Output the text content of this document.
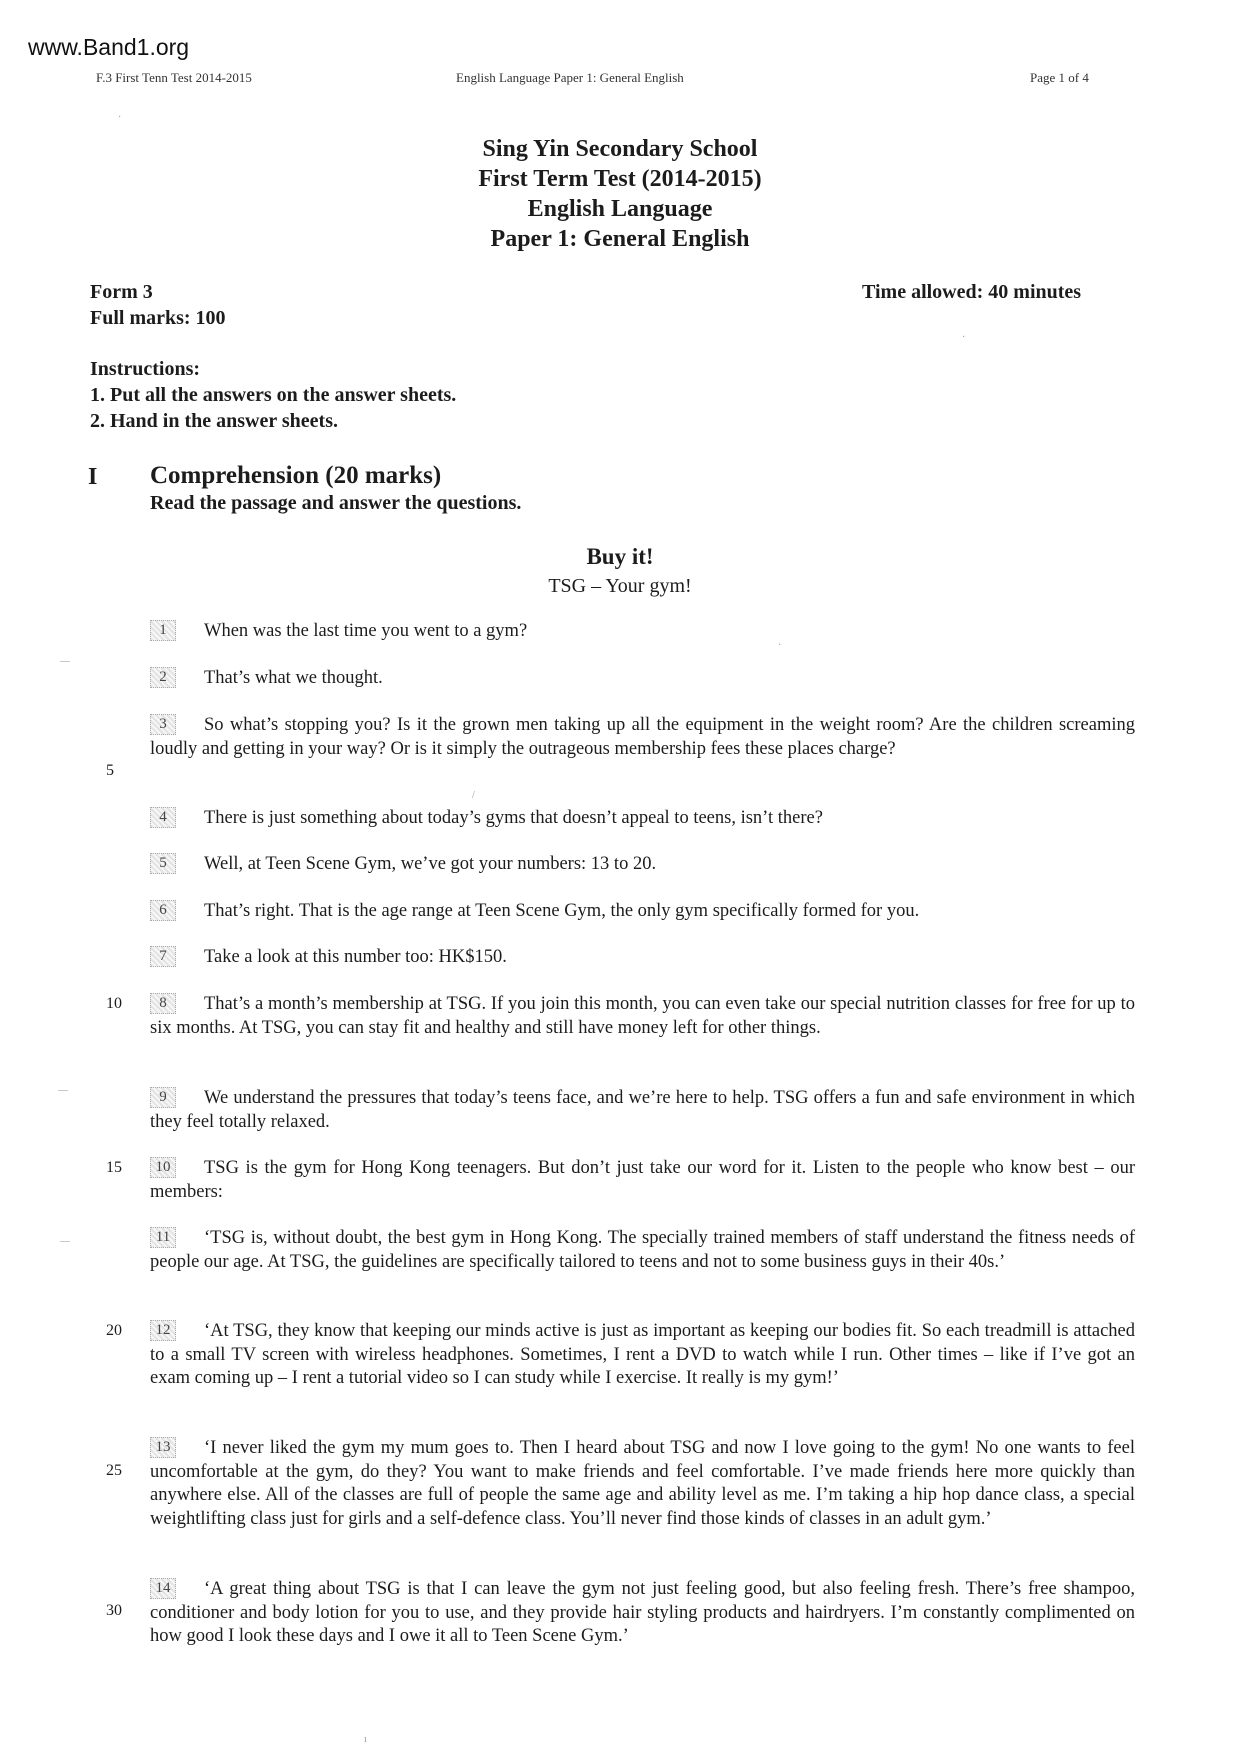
www.Band1.org
F.3 First Tenn Test 2014-2015	English Language Paper 1: General English	Page 1 of 4
Sing Yin Secondary School
First Term Test (2014-2015)
English Language
Paper 1: General English
Form 3
Full marks: 100
Time allowed: 40 minutes
Instructions:
1. Put all the answers on the answer sheets.
2. Hand in the answer sheets.
I Comprehension (20 marks)
Read the passage and answer the questions.
Buy it!
TSG – Your gym!
1 When was the last time you went to a gym?
2 That’s what we thought.
3 So what’s stopping you? Is it the grown men taking up all the equipment in the weight room? Are the children screaming loudly and getting in your way? Or is it simply the outrageous membership fees these places charge?
4 There is just something about today’s gyms that doesn’t appeal to teens, isn’t there?
5 Well, at Teen Scene Gym, we’ve got your numbers: 13 to 20.
6 That’s right. That is the age range at Teen Scene Gym, the only gym specifically formed for you.
7 Take a look at this number too: HK$150.
8 That’s a month’s membership at TSG. If you join this month, you can even take our special nutrition classes for free for up to six months. At TSG, you can stay fit and healthy and still have money left for other things.
9 We understand the pressures that today’s teens face, and we’re here to help. TSG offers a fun and safe environment in which they feel totally relaxed.
10 TSG is the gym for Hong Kong teenagers. But don’t just take our word for it. Listen to the people who know best – our members:
11 ‘TSG is, without doubt, the best gym in Hong Kong. The specially trained members of staff understand the fitness needs of people our age. At TSG, the guidelines are specifically tailored to teens and not to some business guys in their 40s.’
12 ‘At TSG, they know that keeping our minds active is just as important as keeping our bodies fit. So each treadmill is attached to a small TV screen with wireless headphones. Sometimes, I rent a DVD to watch while I run. Other times – like if I’ve got an exam coming up – I rent a tutorial video so I can study while I exercise. It really is my gym!’
13 ‘I never liked the gym my mum goes to. Then I heard about TSG and now I love going to the gym! No one wants to feel uncomfortable at the gym, do they? You want to make friends and feel comfortable. I’ve made friends here more quickly than anywhere else. All of the classes are full of people the same age and ability level as me. I’m taking a hip hop dance class, a special weightlifting class just for girls and a self-defence class. You’ll never find those kinds of classes in an adult gym.’
14 ‘A great thing about TSG is that I can leave the gym not just feeling good, but also feeling fresh. There’s free shampoo, conditioner and body lotion for you to use, and they provide hair styling products and hairdryers. I’m constantly complimented on how good I look these days and I owe it all to Teen Scene Gym.’
5
10
15
20
25
30
·
—
—
—
·
·
/
ı
